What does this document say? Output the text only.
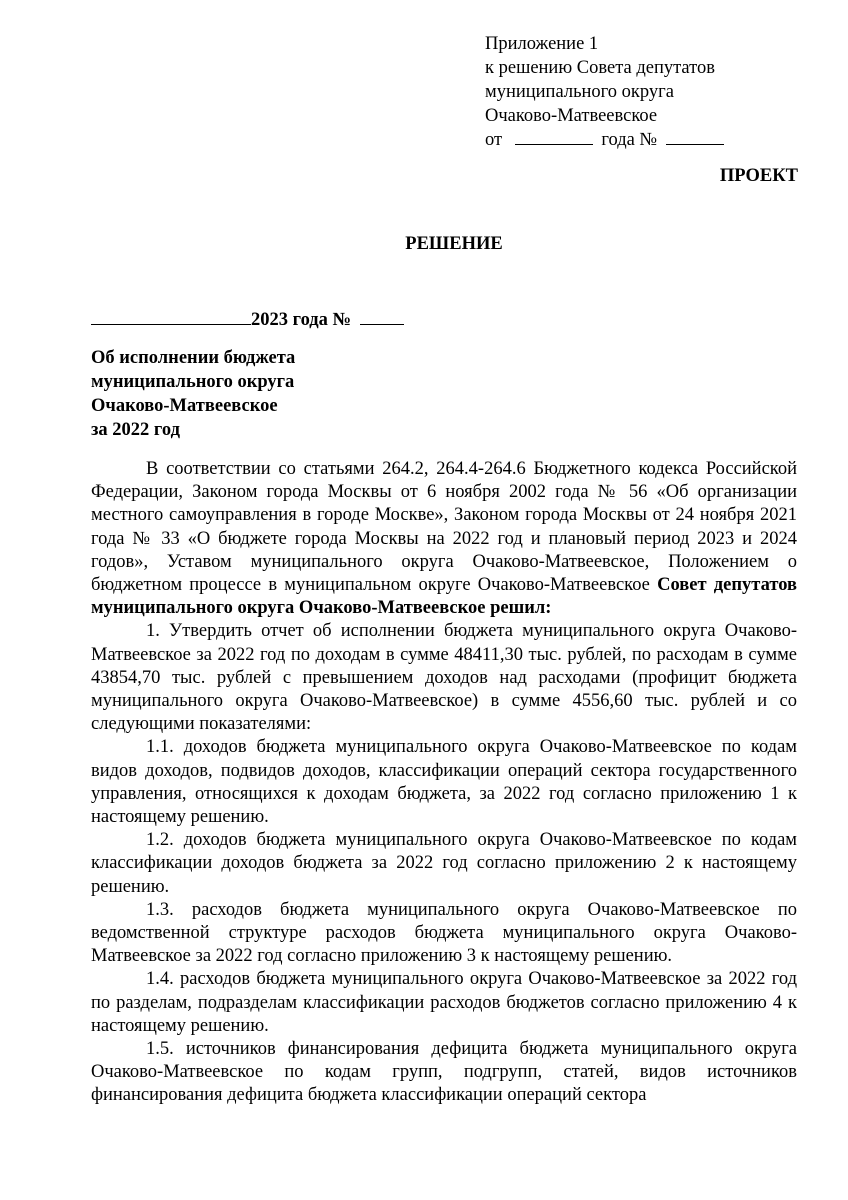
Приложение 1
к решению Совета депутатов
муниципального округа
Очаково-Матвеевское
от	года №
ПРОЕКТ
РЕШЕНИЕ
2023 года №
Об исполнении бюджета
муниципального округа
Очаково-Матвеевское
за 2022 год

В соответствии со статьями 264.2, 264.4-264.6 Бюджетного кодекса Российской Федерации, Законом города Москвы от 6 ноября 2002 года № 56 «Об организации местного самоуправления в городе Москве», Законом города Москвы от 24 ноября 2021 года № 33 «О бюджете города Москвы на 2022 год и плановый период 2023 и 2024 годов», Уставом муниципального округа Очаково-Матвеевское, Положением о бюджетном процессе в муниципальном округе Очаково-Матвеевское Совет депутатов муниципального округа Очаково-Матвеевское решил:

1. Утвердить отчет об исполнении бюджета муниципального округа Очаково-Матвеевское за 2022 год по доходам в сумме 48411,30 тыс. рублей, по расходам в сумме 43854,70 тыс. рублей с превышением доходов над расходами (профицит бюджета муниципального округа Очаково-Матвеевское) в сумме 4556,60 тыс. рублей и со следующими показателями:

1.1. доходов бюджета муниципального округа Очаково-Матвеевское по кодам видов доходов, подвидов доходов, классификации операций сектора государственного управления, относящихся к доходам бюджета, за 2022 год согласно приложению 1 к настоящему решению.

1.2. доходов бюджета муниципального округа Очаково-Матвеевское по кодам классификации доходов бюджета за 2022 год согласно приложению 2 к настоящему решению.

1.3. расходов бюджета муниципального округа Очаково-Матвеевское по ведомственной структуре расходов бюджета муниципального округа Очаково-Матвеевское за 2022 год согласно приложению 3 к настоящему решению.

1.4. расходов бюджета муниципального округа Очаково-Матвеевское за 2022 год по разделам, подразделам классификации расходов бюджетов согласно приложению 4 к настоящему решению.

1.5. источников финансирования дефицита бюджета муниципального округа Очаково-Матвеевское по кодам групп, подгрупп, статей, видов источников финансирования дефицита бюджета классификации операций сектора
